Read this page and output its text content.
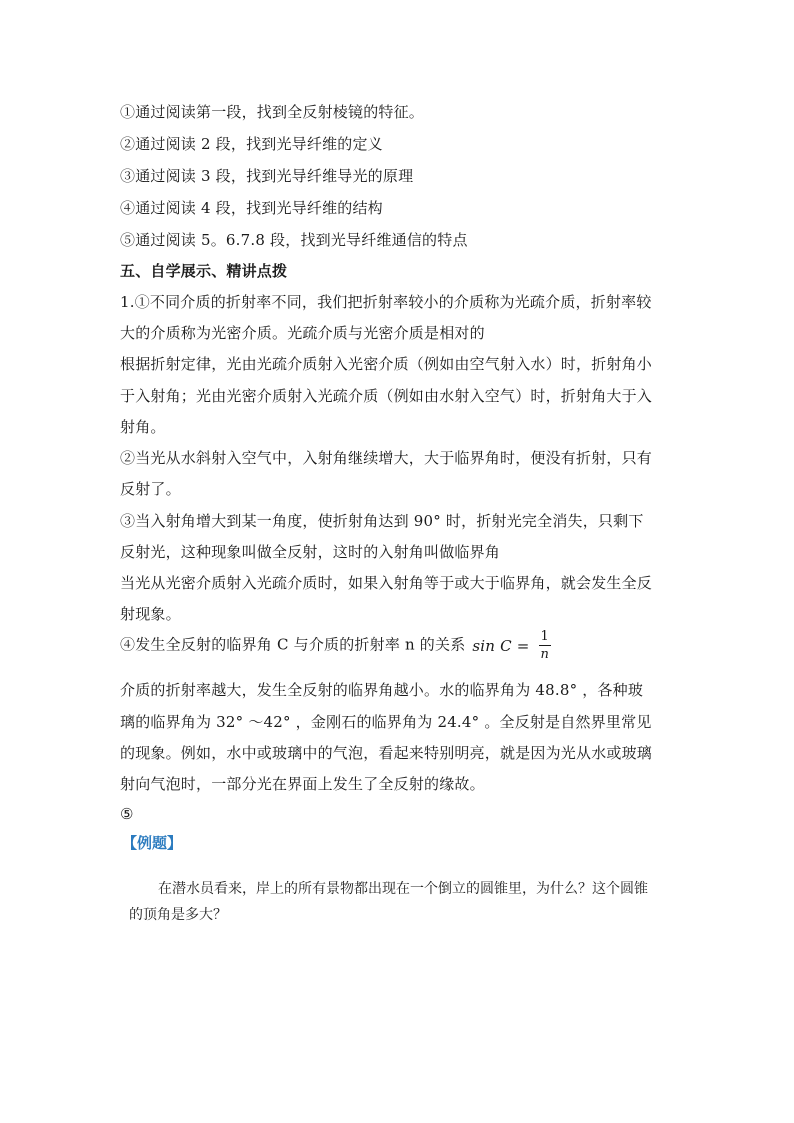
①通过阅读第一段，找到全反射棱镜的特征。
②通过阅读 2 段，找到光导纤维的定义
③通过阅读 3 段，找到光导纤维导光的原理
④通过阅读 4 段，找到光导纤维的结构
⑤通过阅读 5。6.7.8 段，找到光导纤维通信的特点
五、自学展示、精讲点拨
1.①不同介质的折射率不同，我们把折射率较小的介质称为光疏介质，折射率较
大的介质称为光密介质。光疏介质与光密介质是相对的
根据折射定律，光由光疏介质射入光密介质（例如由空气射入水）时，折射角小
于入射角；光由光密介质射入光疏介质（例如由水射入空气）时，折射角大于入
射角。
②当光从水斜射入空气中，入射角继续增大，大于临界角时，便没有折射，只有
反射了。
③当入射角增大到某一角度，使折射角达到 90° 时，折射光完全消失，只剩下
反射光，这种现象叫做全反射，这时的入射角叫做临界角
当光从光密介质射入光疏介质时，如果入射角等于或大于临界角，就会发生全反
射现象。
④发生全反射的临界角 C 与介质的折射率 n 的关系 $\sin C = \frac{1}{n}$
介质的折射率越大，发生全反射的临界角越小。水的临界角为 48.8° ，各种玻
璃的临界角为 32° ～42° ，金刚石的临界角为 24.4° 。全反射是自然界里常见
的现象。例如，水中或玻璃中的气泡，看起来特别明亮，就是因为光从水或玻璃
射向气泡时，一部分光在界面上发生了全反射的缘故。
⑤
【例题】
在潜水员看来，岸上的所有景物都出现在一个倒立的圆锥里，为什么？这个圆锥
的顶角是多大？
